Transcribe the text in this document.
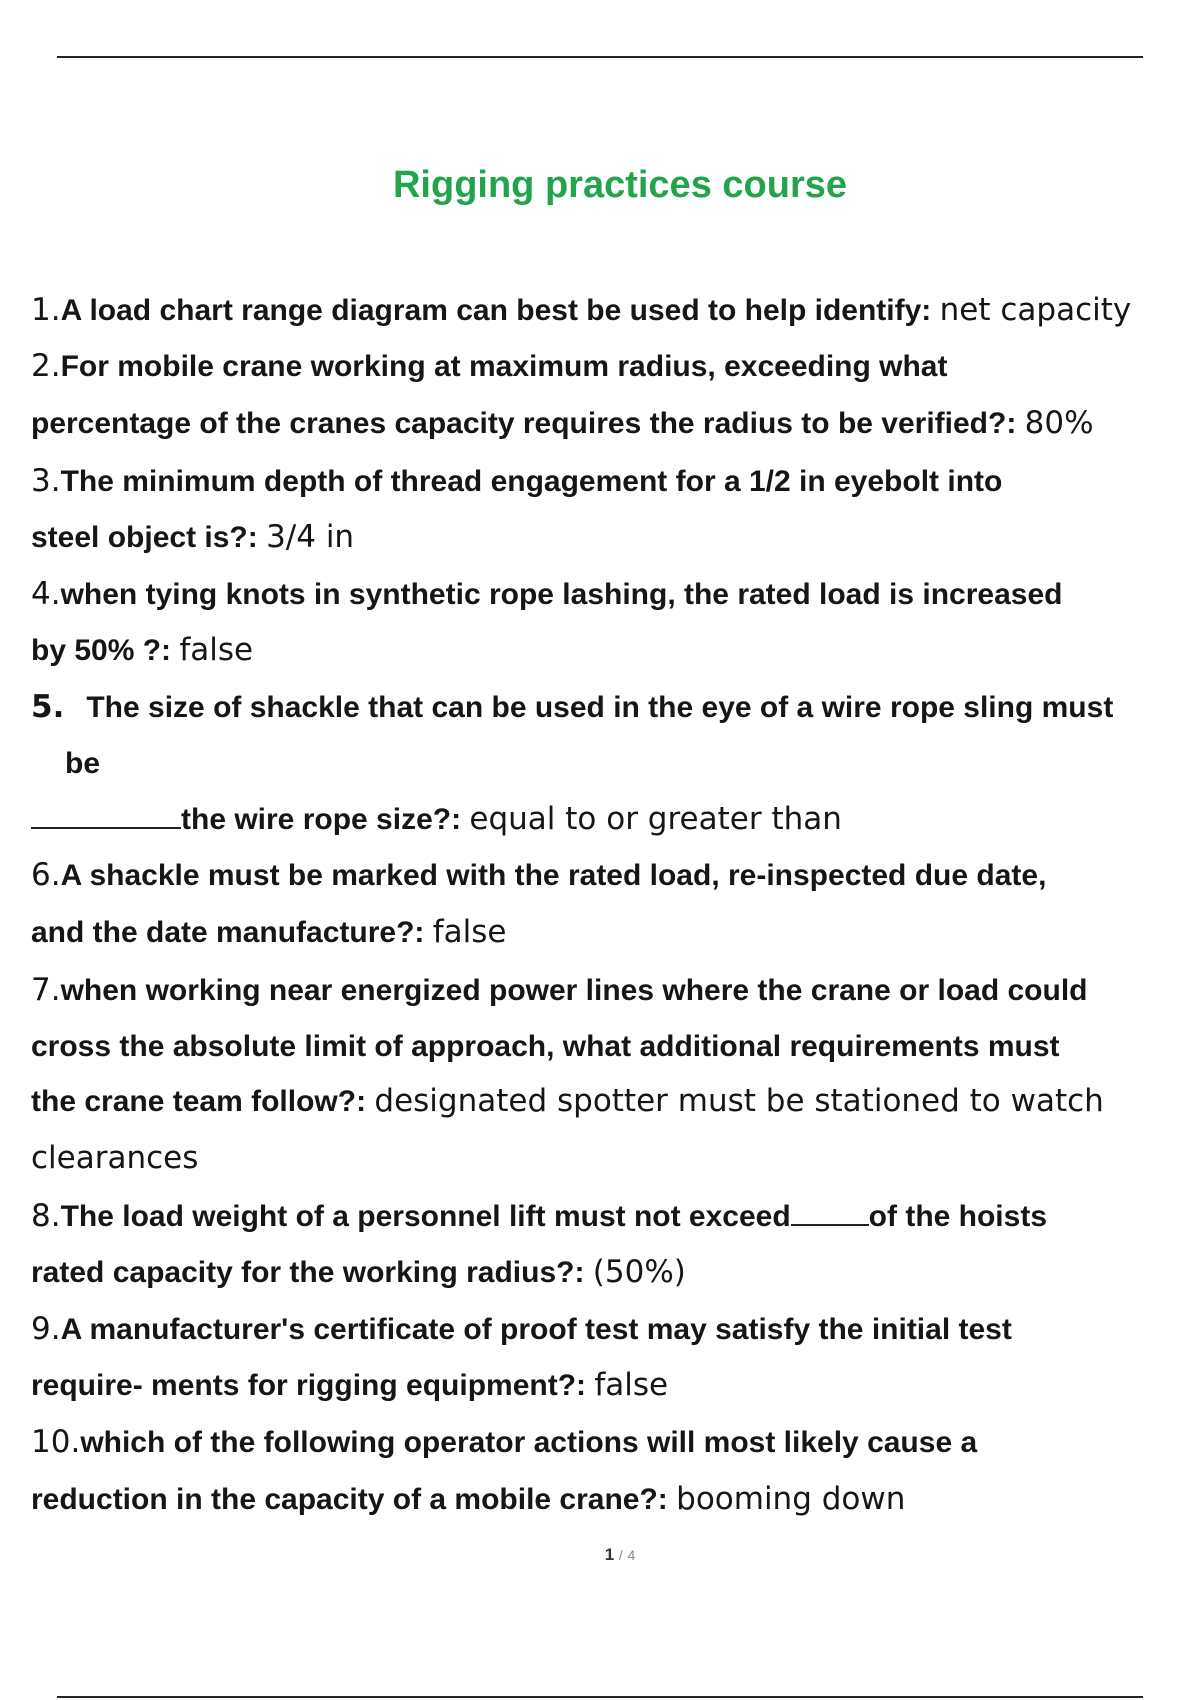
Rigging practices course

1.A load chart range diagram can best be used to help identify: net capacity

2.For mobile crane working at maximum radius, exceeding what

percentage of the cranes capacity requires the radius to be verified?: 80%

3.The minimum depth of thread engagement for a 1/2 in eyebolt into

steel object is?: 3/4 in

4.when tying knots in synthetic rope lashing, the rated load is increased

by 50% ?: false

5. The size of shackle that can be used in the eye of a wire rope sling must

be

the wire rope size?: equal to or greater than

6.A shackle must be marked with the rated load, re-inspected due date,

and the date manufacture?: false

7.when working near energized power lines where the crane or load could

cross the absolute limit of approach, what additional requirements must

the crane team follow?: designated spotter must be stationed to watch

clearances

8.The load weight of a personnel lift must not exceed	of the hoists

rated capacity for the working radius?: (50%)

9.A manufacturer's certificate of proof test may satisfy the initial test

require- ments for rigging equipment?: false

10.which of the following operator actions will most likely cause a

reduction in the capacity of a mobile crane?: booming down

1 / 4
